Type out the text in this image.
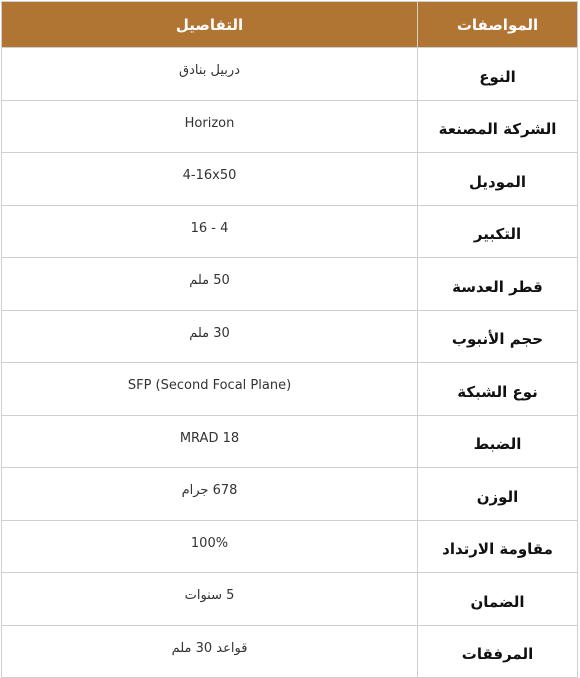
المواصفات	التفاصيل
النوع	دربيل بنادق
الشركة المصنعة	Horizon
الموديل	4-16x50
التكبير	4 - 16
قطر العدسة	50 ملم
حجم الأنبوب	30 ملم
نوع الشبكة	SFP (Second Focal Plane)
الضبط	18 MRAD
الوزن	678 جرام
مقاومة الارتداد	100%
الضمان	5 سنوات
المرفقات	قواعد 30 ملم
